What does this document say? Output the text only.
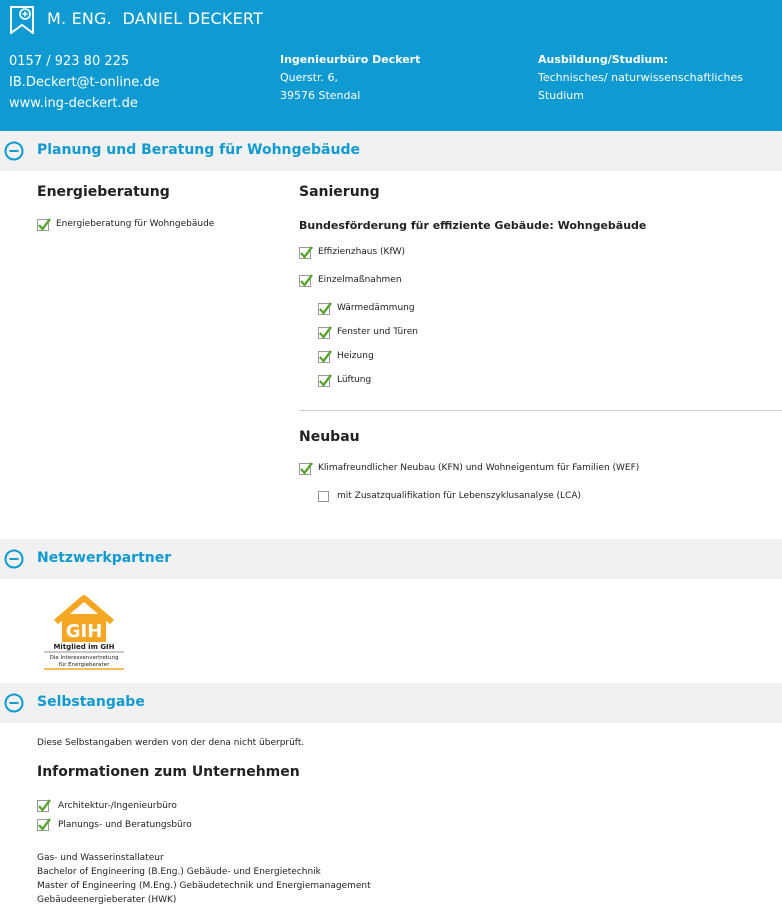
M. ENG.  DANIEL DECKERT
0157 / 923 80 225
IB.Deckert@t-online.de
www.ing-deckert.de
Ingenieurbüro Deckert
Querstr. 6,
39576 Stendal
Ausbildung/Studium:
Technisches/ naturwissenschaftliches Studium
Planung und Beratung für Wohngebäude
Energieberatung
Energieberatung für Wohngebäude
Sanierung
Bundesförderung für effiziente Gebäude: Wohngebäude
Effizienzhaus (KfW)
Einzelmaßnahmen
Wärmedämmung
Fenster und Türen
Heizung
Lüftung
Neubau
Klimafreundlicher Neubau (KFN) und Wohneigentum für Familien (WEF)
mit Zusatzqualifikation für Lebenszyklusanalyse (LCA)
Netzwerkpartner
GIH
Mitglied im GIH
Die Interessenvertretung
für Energieberater
Selbstangabe
Diese Selbstangaben werden von der dena nicht überprüft.
Informationen zum Unternehmen
Architektur-/Ingenieurbüro
Planungs- und Beratungsbüro
Gas- und Wasserinstallateur
Bachelor of Engineering (B.Eng.) Gebäude- und Energietechnik
Master of Engineering (M.Eng.) Gebäudetechnik und Energiemanagement
Gebäudeenergieberater (HWK)
